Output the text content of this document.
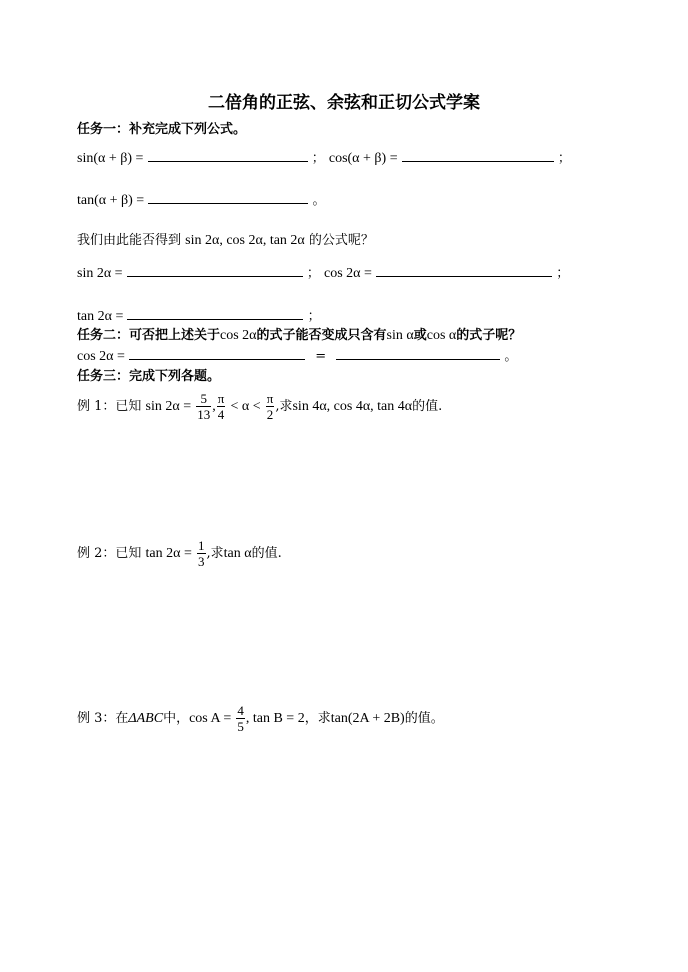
二倍角的正弦、余弦和正切公式学案
任务一：补充完成下列公式。
sin(α + β) =	； cos(α + β) =	；
tan(α + β) =	。
我们由此能否得到 sin 2α, cos 2α, tan 2α 的公式呢？
sin 2α =	； cos 2α =	；
tan 2α =	；
任务二：可否把上述关于cos 2α的式子能否变成只含有sin α或cos α的式子呢？
cos 2α =	=	。
任务三：完成下列各题。
例 1：已知 $\sin 2\alpha = \frac{5}{13}$ , $\frac{\pi}{4} < \alpha < \frac{\pi}{2}$ ,求sin 4α, cos 4α, tan 4α的值.
例 2：已知 $\tan 2\alpha = \frac{1}{3}$ ,求tan α的值.
例 3：在ΔABC中，$\cos A = \frac{4}{5}$ , tan B = 2，求tan(2A + 2B)的值。
